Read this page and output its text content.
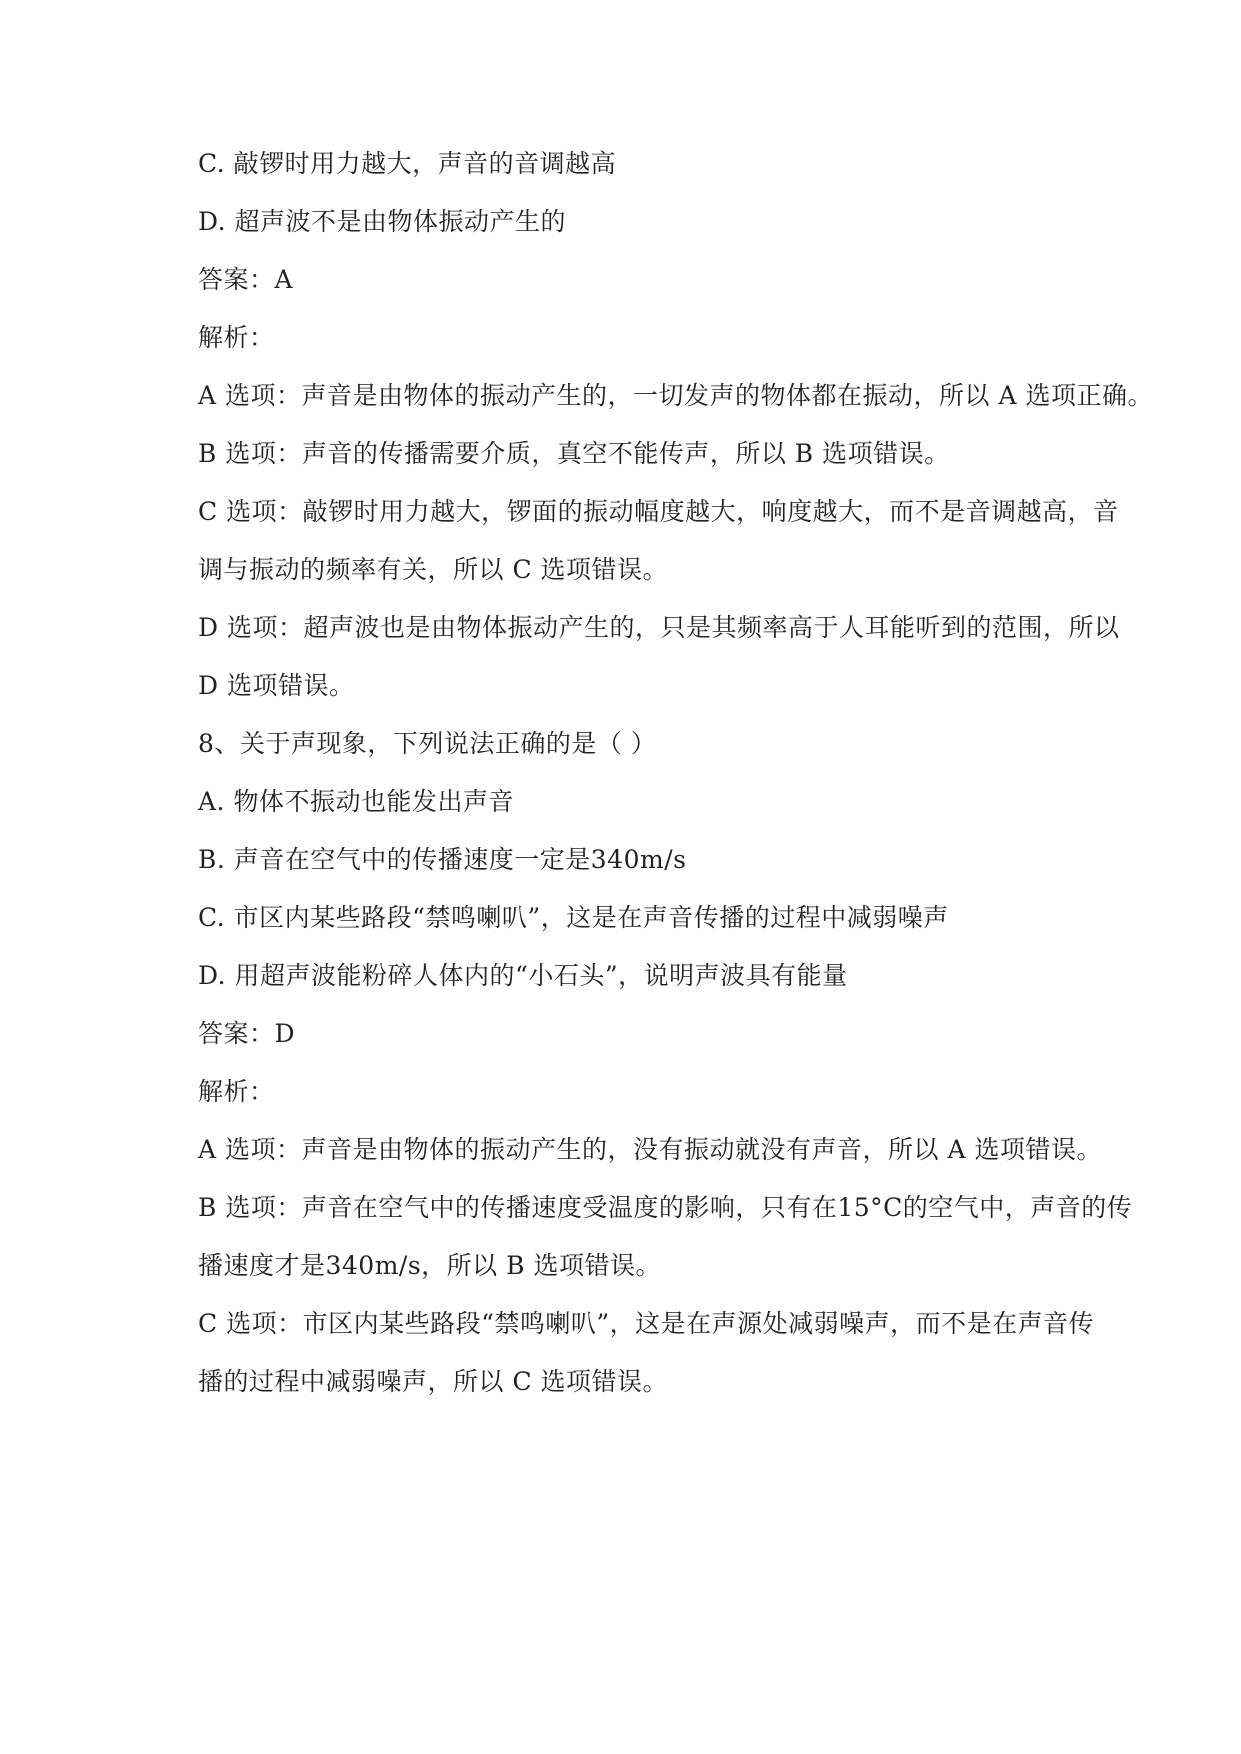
C. 敲锣时用力越大，声音的音调越高
D. 超声波不是由物体振动产生的
答案：A
解析：
A 选项：声音是由物体的振动产生的，一切发声的物体都在振动，所以 A 选项正确。
B 选项：声音的传播需要介质，真空不能传声，所以 B 选项错误。
C 选项：敲锣时用力越大，锣面的振动幅度越大，响度越大，而不是音调越高，音
调与振动的频率有关，所以 C 选项错误。
D 选项：超声波也是由物体振动产生的，只是其频率高于人耳能听到的范围，所以
D 选项错误。
8、关于声现象，下列说法正确的是（ ）
A. 物体不振动也能发出声音
B. 声音在空气中的传播速度一定是340m/s
C. 市区内某些路段“禁鸣喇叭”，这是在声音传播的过程中减弱噪声
D. 用超声波能粉碎人体内的“小石头”，说明声波具有能量
答案：D
解析：
A 选项：声音是由物体的振动产生的，没有振动就没有声音，所以 A 选项错误。
B 选项：声音在空气中的传播速度受温度的影响，只有在15°C的空气中，声音的传
播速度才是340m/s，所以 B 选项错误。
C 选项：市区内某些路段“禁鸣喇叭”，这是在声源处减弱噪声，而不是在声音传
播的过程中减弱噪声，所以 C 选项错误。
